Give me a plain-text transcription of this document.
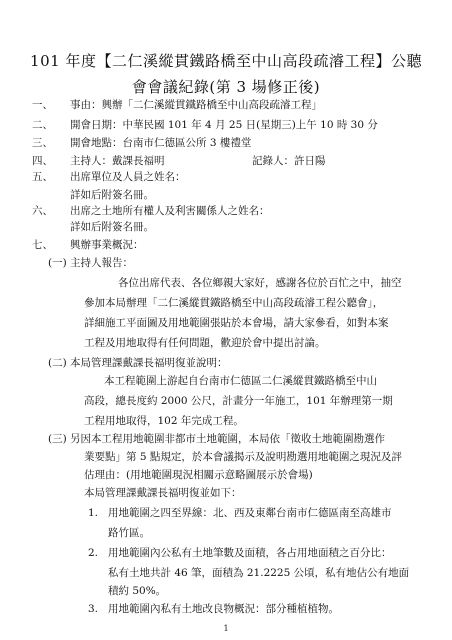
101 年度【二仁溪縱貫鐵路橋至中山高段疏濬工程】公聽
會會議紀錄(第 3 場修正後)
一、 事由：興辦「二仁溪縱貫鐵路橋至中山高段疏濬工程」
二、 開會日期：中華民國 101 年 4 月 25 日(星期三)上午 10 時 30 分
三、 開會地點：台南市仁德區公所 3 樓禮堂
四、 主持人：戴課長福明	記錄人：許日陽
五、 出席單位及人員之姓名：
詳如后附簽名冊。
六、 出席之土地所有權人及利害關係人之姓名：
詳如后附簽名冊。
七、 興辦事業概況：
(一) 主持人報告：
各位出席代表、各位鄉親大家好，感謝各位於百忙之中，抽空
參加本局辦理「二仁溪縱貫鐵路橋至中山高段疏濬工程公聽會」，
詳細施工平面圖及用地範圍張貼於本會場，請大家參看，如對本案
工程及用地取得有任何問題，歡迎於會中提出討論。
(二) 本局管理課戴課長福明復並說明：
本工程範圍上游起自台南市仁德區二仁溪縱貫鐵路橋至中山
高段，總長度約 2000 公尺，計畫分一年施工，101 年辦理第一期
工程用地取得，102 年完成工程。
(三) 另因本工程用地範圍非都市土地範圍，本局依「徵收土地範圍勘選作
業要點」第 5 點規定，於本會議揭示及說明勘選用地範圍之現況及評
估理由：(用地範圍現況相關示意略圖展示於會場)
本局管理課戴課長福明復並如下：
1. 用地範圍之四至界線：北、西及東鄰台南市仁德區南至高雄市
路竹區。
2. 用地範圍內公私有土地筆數及面積，各占用地面積之百分比：
私有土地共計 46 筆，面積為 21.2225 公頃，私有地佔公有地面
積約 50%。
3. 用地範圍內私有土地改良物概況：部分種植植物。
1
